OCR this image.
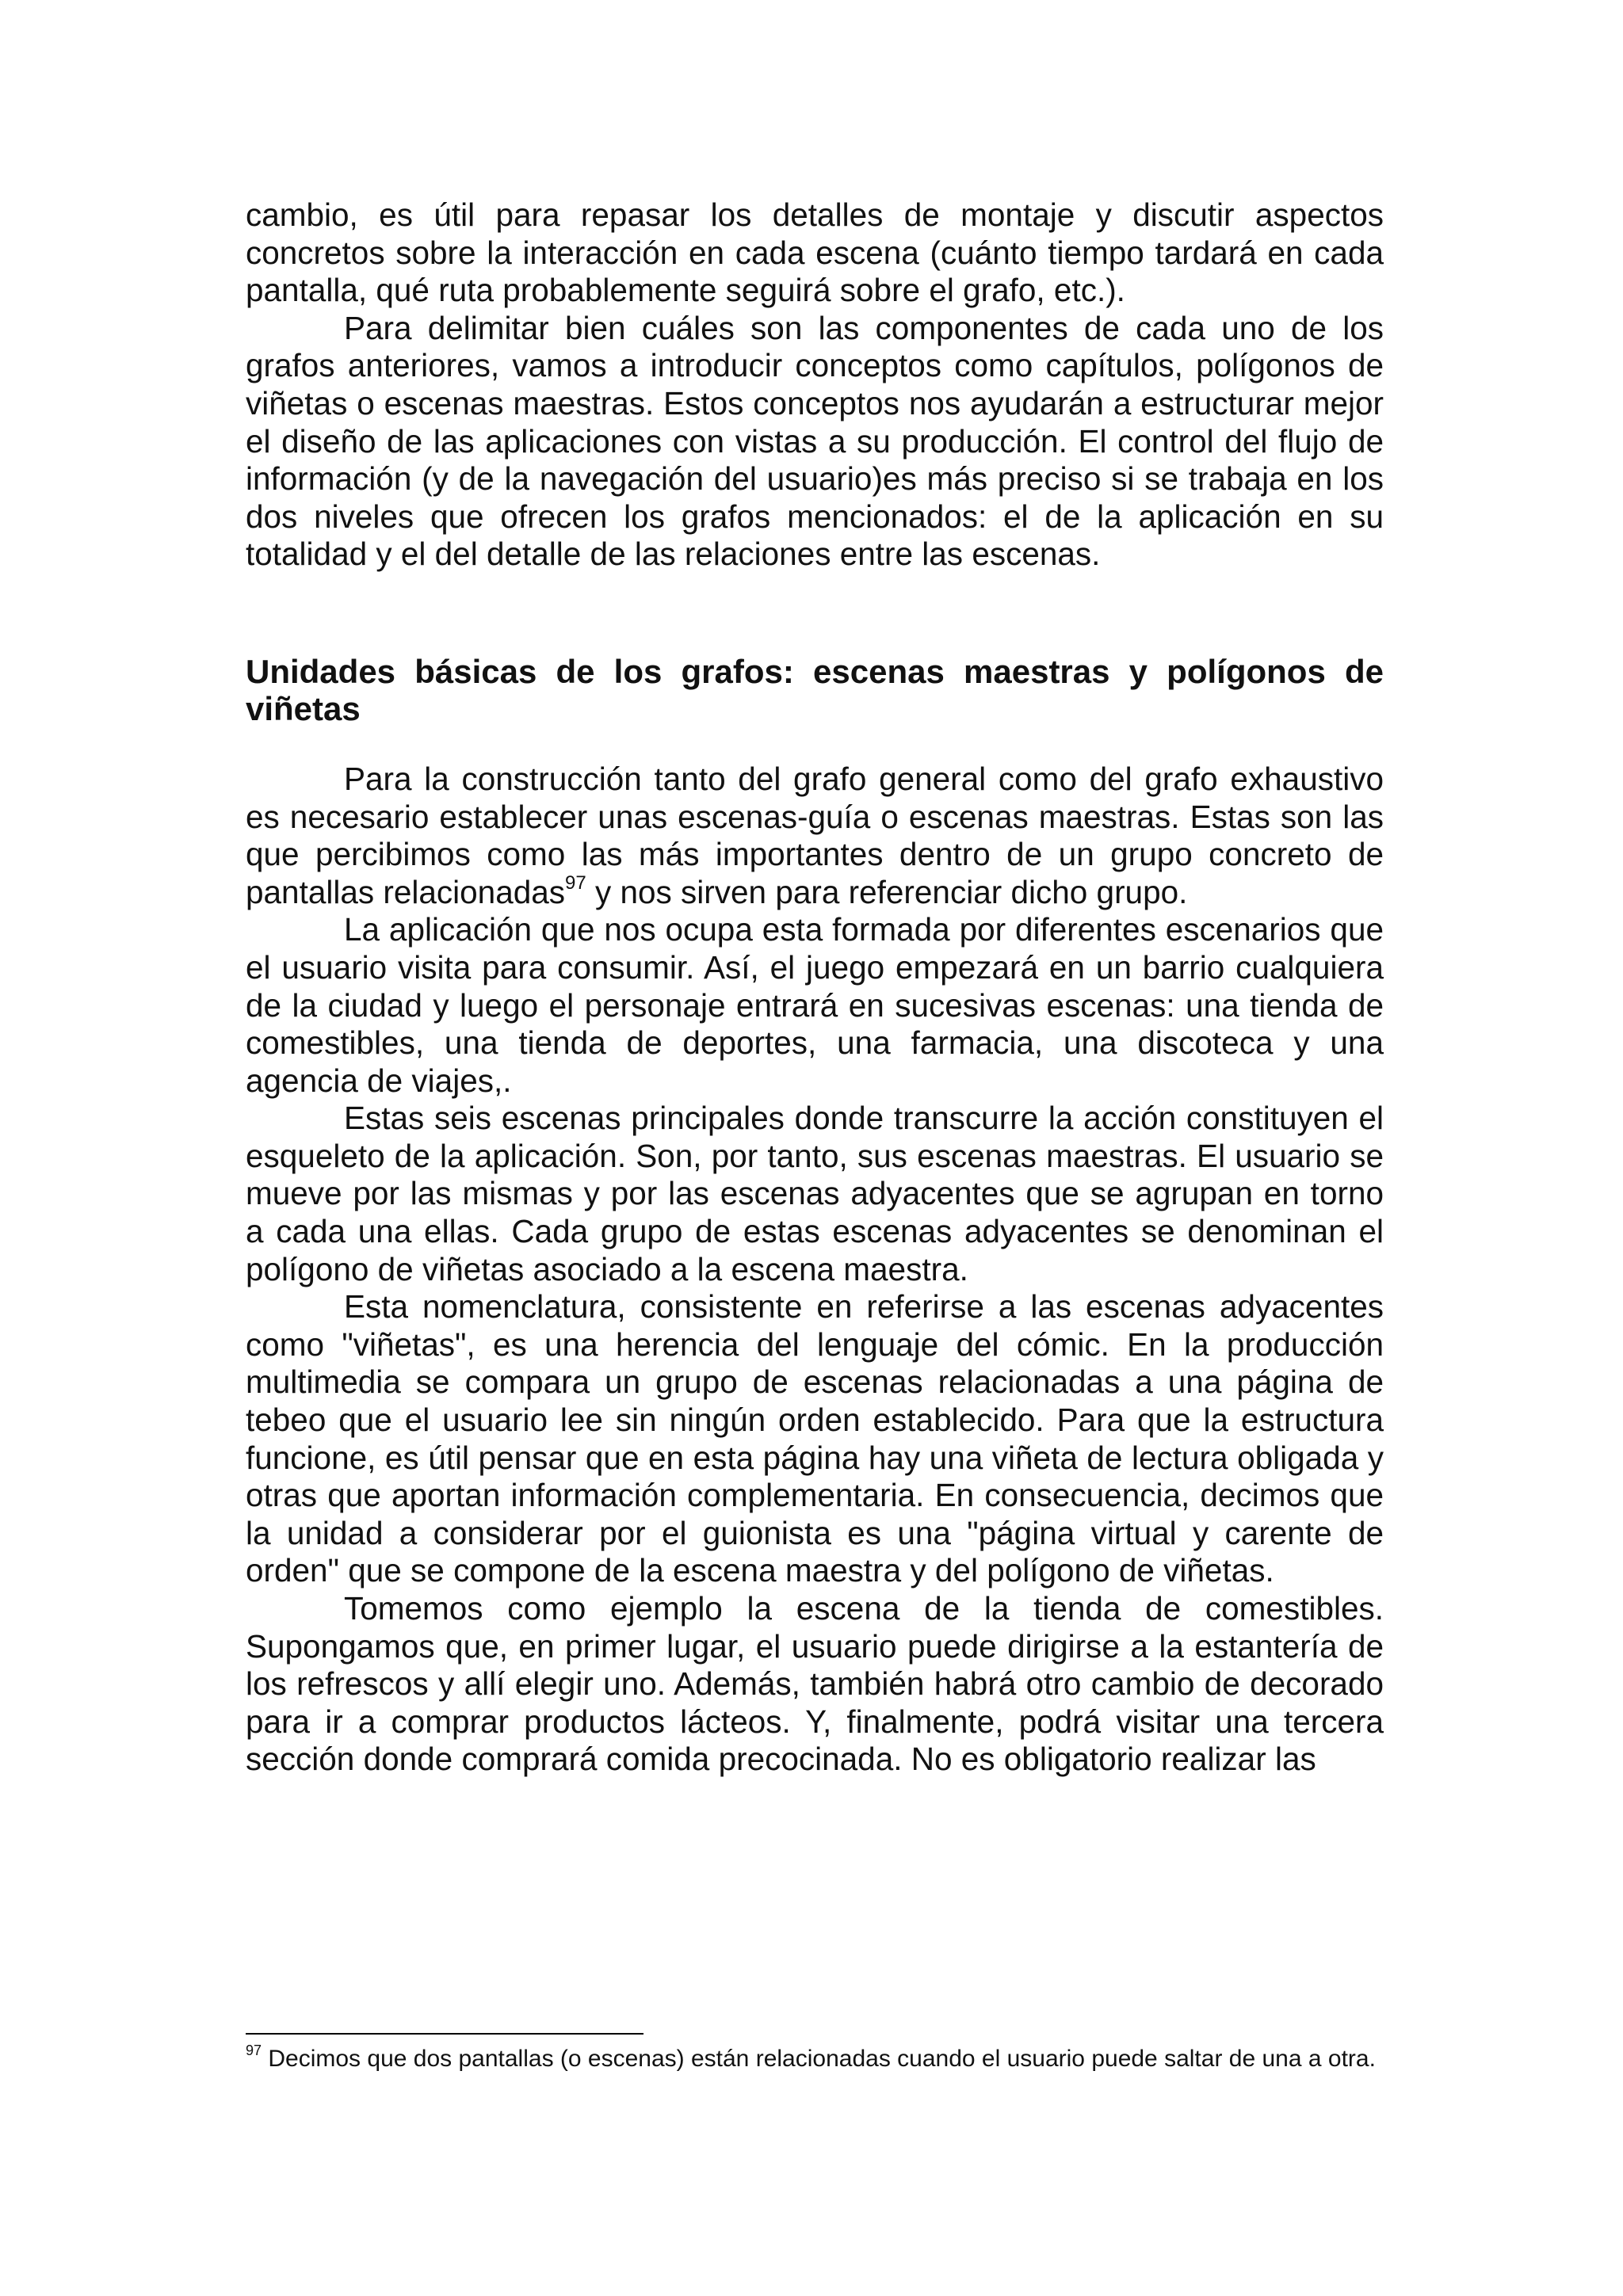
cambio, es útil para repasar los detalles de montaje y discutir aspectos concretos sobre la interacción en cada escena (cuánto tiempo tardará en cada pantalla, qué ruta probablemente seguirá sobre el grafo, etc.).

Para delimitar bien cuáles son las componentes de cada uno de los grafos anteriores, vamos a introducir conceptos como capítulos, polígonos de viñetas o escenas maestras. Estos conceptos nos ayudarán a estructurar mejor el diseño de las aplicaciones con vistas a su producción. El control del flujo de información (y de la navegación del usuario)es más preciso si se trabaja en los dos niveles que ofrecen los grafos mencionados: el de la aplicación en su totalidad y el del detalle de las relaciones entre las escenas.

Unidades básicas de los grafos: escenas maestras y polígonos de viñetas

Para la construcción tanto del grafo general como del grafo exhaustivo es necesario establecer unas escenas-guía o escenas maestras. Estas son las que percibimos como las más importantes dentro de un grupo concreto de pantallas relacionadas$^{97}$ y nos sirven para referenciar dicho grupo.

La aplicación que nos ocupa esta formada por diferentes escenarios que el usuario visita para consumir. Así, el juego empezará en un barrio cualquiera de la ciudad y luego el personaje entrará en sucesivas escenas: una tienda de comestibles, una tienda de deportes, una farmacia, una discoteca y una agencia de viajes,.

Estas seis escenas principales donde transcurre la acción constituyen el esqueleto de la aplicación. Son, por tanto, sus escenas maestras. El usuario se mueve por las mismas y por las escenas adyacentes que se agrupan en torno a cada una ellas. Cada grupo de estas escenas adyacentes se denominan el polígono de viñetas asociado a la escena maestra.

Esta nomenclatura, consistente en referirse a las escenas adyacentes como "viñetas", es una herencia del lenguaje del cómic. En la producción multimedia se compara un grupo de escenas relacionadas a una página de tebeo que el usuario lee sin ningún orden establecido. Para que la estructura funcione, es útil pensar que en esta página hay una viñeta de lectura obligada y otras que aportan información complementaria. En consecuencia, decimos que la unidad a considerar por el guionista es una "página virtual y carente de orden" que se compone de la escena maestra y del polígono de viñetas.

Tomemos como ejemplo la escena de la tienda de comestibles. Supongamos que, en primer lugar, el usuario puede dirigirse a la estantería de los refrescos y allí elegir uno. Además, también habrá otro cambio de decorado para ir a comprar productos lácteos. Y, finalmente, podrá visitar una tercera sección donde comprará comida precocinada. No es obligatorio realizar las

$^{97}$ Decimos que dos pantallas (o escenas) están relacionadas cuando el usuario puede saltar de una a otra.
